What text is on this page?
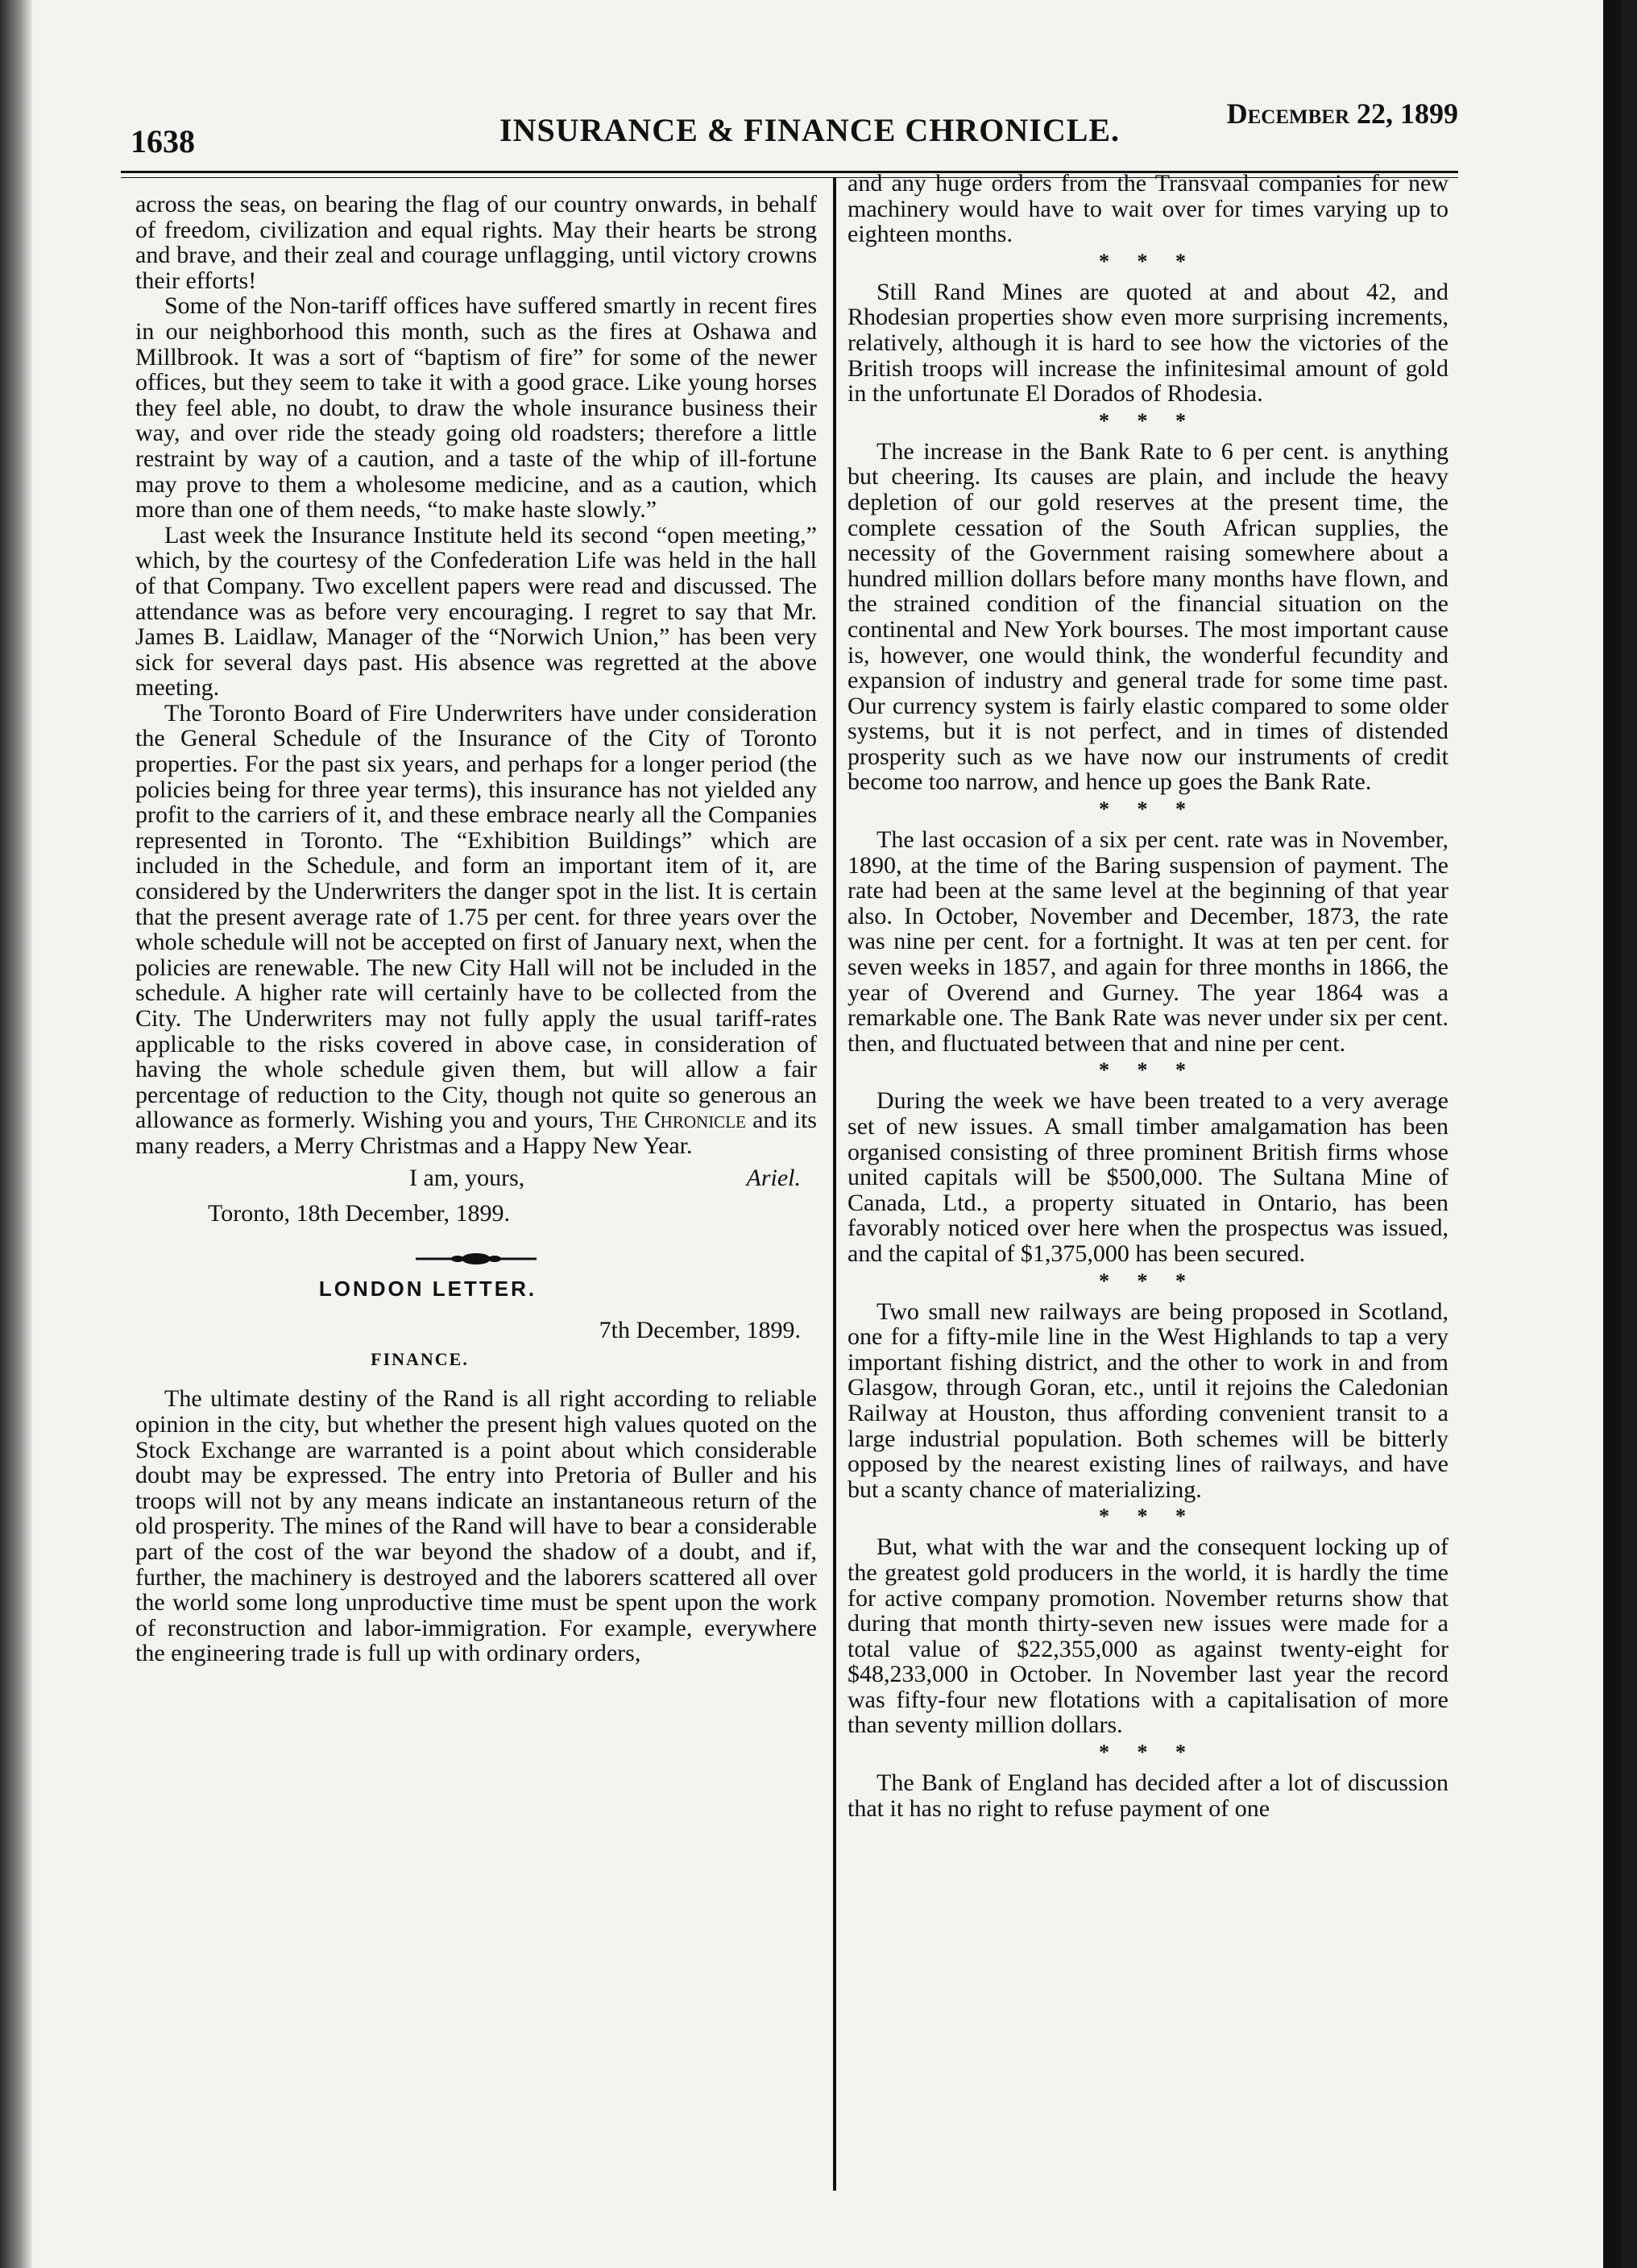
1638	INSURANCE & FINANCE CHRONICLE.	December 22, 1899

across the seas, on bearing the flag of our country onwards, in behalf of freedom, civilization and equal rights. May their hearts be strong and brave, and their zeal and courage unflagging, until victory crowns their efforts!

Some of the Non-tariff offices have suffered smartly in recent fires in our neighborhood this month, such as the fires at Oshawa and Millbrook. It was a sort of “baptism of fire” for some of the newer offices, but they seem to take it with a good grace. Like young horses they feel able, no doubt, to draw the whole insurance business their way, and over ride the steady going old roadsters; therefore a little restraint by way of a caution, and a taste of the whip of ill-fortune may prove to them a wholesome medicine, and as a caution, which more than one of them needs, “to make haste slowly.”

Last week the Insurance Institute held its second “open meeting,” which, by the courtesy of the Confederation Life was held in the hall of that Company. Two excellent papers were read and discussed. The attendance was as before very encouraging. I regret to say that Mr. James B. Laidlaw, Manager of the “Norwich Union,” has been very sick for several days past. His absence was regretted at the above meeting.

The Toronto Board of Fire Underwriters have under consideration the General Schedule of the Insurance of the City of Toronto properties. For the past six years, and perhaps for a longer period (the policies being for three year terms), this insurance has not yielded any profit to the carriers of it, and these embrace nearly all the Companies represented in Toronto. The “Exhibition Buildings” which are included in the Schedule, and form an important item of it, are considered by the Underwriters the danger spot in the list. It is certain that the present average rate of 1.75 per cent. for three years over the whole schedule will not be accepted on first of January next, when the policies are renewable. The new City Hall will not be included in the schedule. A higher rate will certainly have to be collected from the City. The Underwriters may not fully apply the usual tariff-rates applicable to the risks covered in above case, in consideration of having the whole schedule given them, but will allow a fair percentage of reduction to the City, though not quite so generous an allowance as formerly. Wishing you and yours, The Chronicle and its many readers, a Merry Christmas and a Happy New Year.

I am, yours,	Ariel.
Toronto, 18th December, 1899.
LONDON LETTER.
7th December, 1899.
FINANCE.

The ultimate destiny of the Rand is all right according to reliable opinion in the city, but whether the present high values quoted on the Stock Exchange are warranted is a point about which considerable doubt may be expressed. The entry into Pretoria of Buller and his troops will not by any means indicate an instantaneous return of the old prosperity. The mines of the Rand will have to bear a considerable part of the cost of the war beyond the shadow of a doubt, and if, further, the machinery is destroyed and the laborers scattered all over the world some long unproductive time must be spent upon the work of reconstruction and labor-immigration. For example, everywhere the engineering trade is full up with ordinary orders,

and any huge orders from the Transvaal companies for new machinery would have to wait over for times varying up to eighteen months.

* * *

Still Rand Mines are quoted at and about 42, and Rhodesian properties show even more surprising increments, relatively, although it is hard to see how the victories of the British troops will increase the infinitesimal amount of gold in the unfortunate El Dorados of Rhodesia.

* * *

The increase in the Bank Rate to 6 per cent. is anything but cheering. Its causes are plain, and include the heavy depletion of our gold reserves at the present time, the complete cessation of the South African supplies, the necessity of the Government raising somewhere about a hundred million dollars before many months have flown, and the strained condition of the financial situation on the continental and New York bourses. The most important cause is, however, one would think, the wonderful fecundity and expansion of industry and general trade for some time past. Our currency system is fairly elastic compared to some older systems, but it is not perfect, and in times of distended prosperity such as we have now our instruments of credit become too narrow, and hence up goes the Bank Rate.

* * *

The last occasion of a six per cent. rate was in November, 1890, at the time of the Baring suspension of payment. The rate had been at the same level at the beginning of that year also. In October, November and December, 1873, the rate was nine per cent. for a fortnight. It was at ten per cent. for seven weeks in 1857, and again for three months in 1866, the year of Overend and Gurney. The year 1864 was a remarkable one. The Bank Rate was never under six per cent. then, and fluctuated between that and nine per cent.

* * *

During the week we have been treated to a very average set of new issues. A small timber amalgamation has been organised consisting of three prominent British firms whose united capitals will be $500,000. The Sultana Mine of Canada, Ltd., a property situated in Ontario, has been favorably noticed over here when the prospectus was issued, and the capital of $1,375,000 has been secured.

* * *

Two small new railways are being proposed in Scotland, one for a fifty-mile line in the West Highlands to tap a very important fishing district, and the other to work in and from Glasgow, through Goran, etc., until it rejoins the Caledonian Railway at Houston, thus affording convenient transit to a large industrial population. Both schemes will be bitterly opposed by the nearest existing lines of railways, and have but a scanty chance of materializing.

* * *

But, what with the war and the consequent locking up of the greatest gold producers in the world, it is hardly the time for active company promotion. November returns show that during that month thirty-seven new issues were made for a total value of $22,355,000 as against twenty-eight for $48,233,000 in October. In November last year the record was fifty-four new flotations with a capitalisation of more than seventy million dollars.

* * *

The Bank of England has decided after a lot of discussion that it has no right to refuse payment of one
